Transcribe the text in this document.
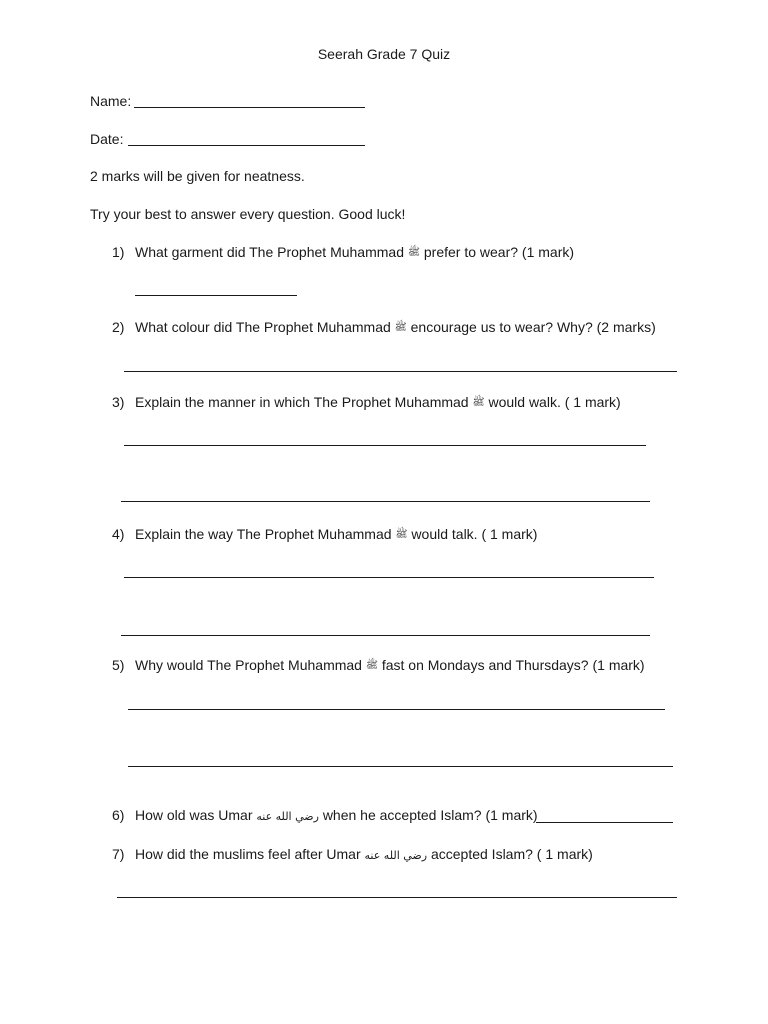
Seerah Grade 7 Quiz
Name:
Date:
2 marks will be given for neatness.
Try your best to answer every question. Good luck!
1) What garment did The Prophet Muhammad ﷺ prefer to wear? (1 mark)
2) What colour did The Prophet Muhammad ﷺ encourage us to wear? Why? (2 marks)
3) Explain the manner in which The Prophet Muhammad ﷺ would walk. ( 1 mark)
4) Explain the way The Prophet Muhammad ﷺ would talk. ( 1 mark)
5) Why would The Prophet Muhammad ﷺ fast on Mondays and Thursdays? (1 mark)
6) How old was Umar رضي الله عنه when he accepted Islam? (1 mark)
7) How did the muslims feel after Umar رضي الله عنه accepted Islam? ( 1 mark)
